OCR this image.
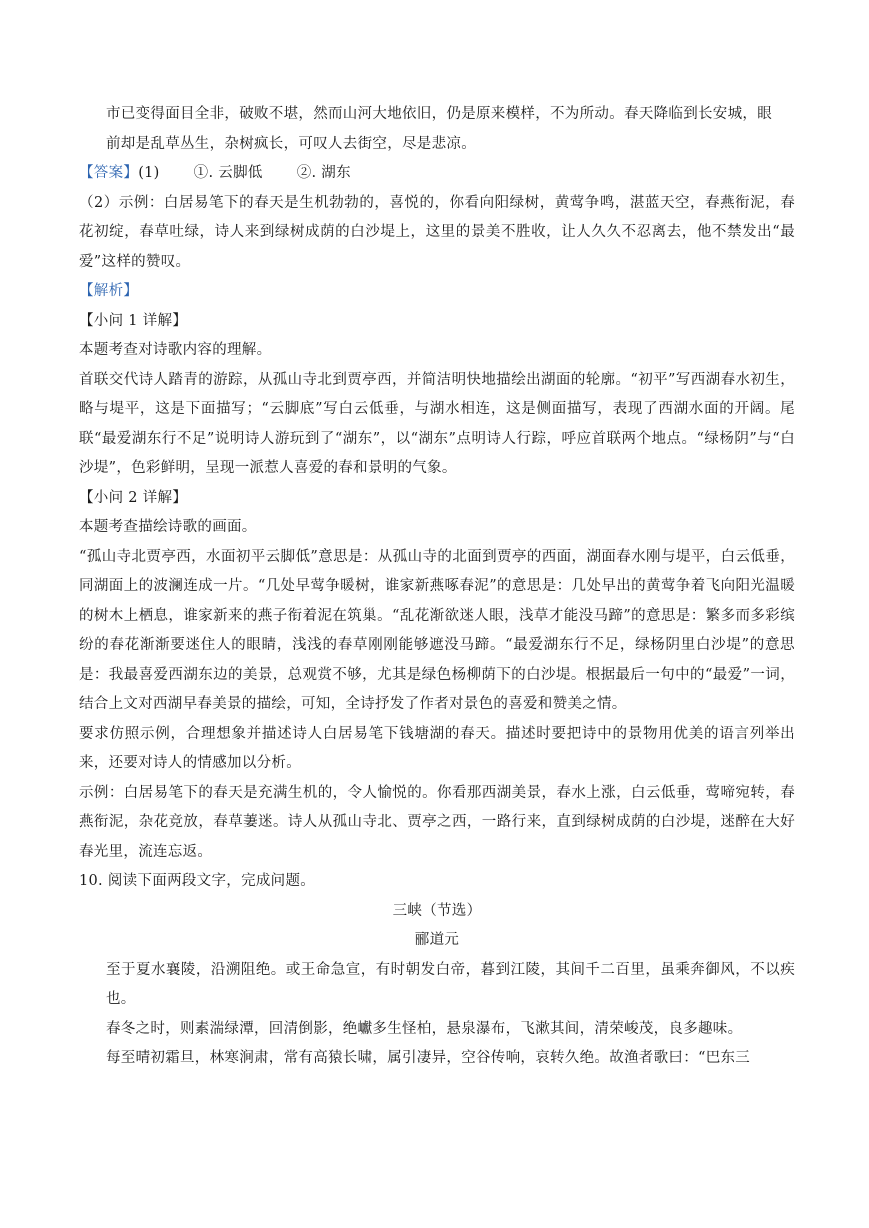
市已变得面目全非，破败不堪，然而山河大地依旧，仍是原来模样，不为所动。春天降临到长安城，眼

前却是乱草丛生，杂树疯长，可叹人去街空，尽是悲凉。

【答案】(1) ①. 云脚低 ②. 湖东

（2）示例：白居易笔下的春天是生机勃勃的，喜悦的，你看向阳绿树，黄莺争鸣，湛蓝天空，春燕衔泥，春花初绽，春草吐绿，诗人来到绿树成荫的白沙堤上，这里的景美不胜收，让人久久不忍离去，他不禁发出“最爱”这样的赞叹。

【解析】

【小问 1 详解】

本题考查对诗歌内容的理解。

首联交代诗人踏青的游踪，从孤山寺北到贾亭西，并简洁明快地描绘出湖面的轮廓。“初平”写西湖春水初生，略与堤平，这是下面描写；“云脚底”写白云低垂，与湖水相连，这是侧面描写，表现了西湖水面的开阔。尾联“最爱湖东行不足”说明诗人游玩到了“湖东”，以“湖东”点明诗人行踪，呼应首联两个地点。“绿杨阴”与“白沙堤”，色彩鲜明，呈现一派惹人喜爱的春和景明的气象。

【小问 2 详解】

本题考查描绘诗歌的画面。

“孤山寺北贾亭西，水面初平云脚低”意思是：从孤山寺的北面到贾亭的西面，湖面春水刚与堤平，白云低垂，同湖面上的波澜连成一片。“几处早莺争暖树，谁家新燕啄春泥”的意思是：几处早出的黄莺争着飞向阳光温暖的树木上栖息，谁家新来的燕子衔着泥在筑巢。“乱花渐欲迷人眼，浅草才能没马蹄”的意思是：繁多而多彩缤纷的春花渐渐要迷住人的眼睛，浅浅的春草刚刚能够遮没马蹄。“最爱湖东行不足，绿杨阴里白沙堤”的意思是：我最喜爱西湖东边的美景，总观赏不够，尤其是绿色杨柳荫下的白沙堤。根据最后一句中的“最爱”一词，结合上文对西湖早春美景的描绘，可知，全诗抒发了作者对景色的喜爱和赞美之情。

要求仿照示例，合理想象并描述诗人白居易笔下钱塘湖的春天。描述时要把诗中的景物用优美的语言列举出来，还要对诗人的情感加以分析。

示例：白居易笔下的春天是充满生机的，令人愉悦的。你看那西湖美景，春水上涨，白云低垂，莺啼宛转，春燕衔泥，杂花竞放，春草萋迷。诗人从孤山寺北、贾亭之西，一路行来，直到绿树成荫的白沙堤，迷醉在大好春光里，流连忘返。

10. 阅读下面两段文字，完成问题。

三峡（节选）

郦道元

至于夏水襄陵，沿溯阻绝。或王命急宣，有时朝发白帝，暮到江陵，其间千二百里，虽乘奔御风，不以疾也。

春冬之时，则素湍绿潭，回清倒影，绝巘多生怪柏，悬泉瀑布，飞漱其间，清荣峻茂，良多趣味。

每至晴初霜旦，林寒涧肃，常有高猿长啸，属引凄异，空谷传响，哀转久绝。故渔者歌曰：“巴东三
